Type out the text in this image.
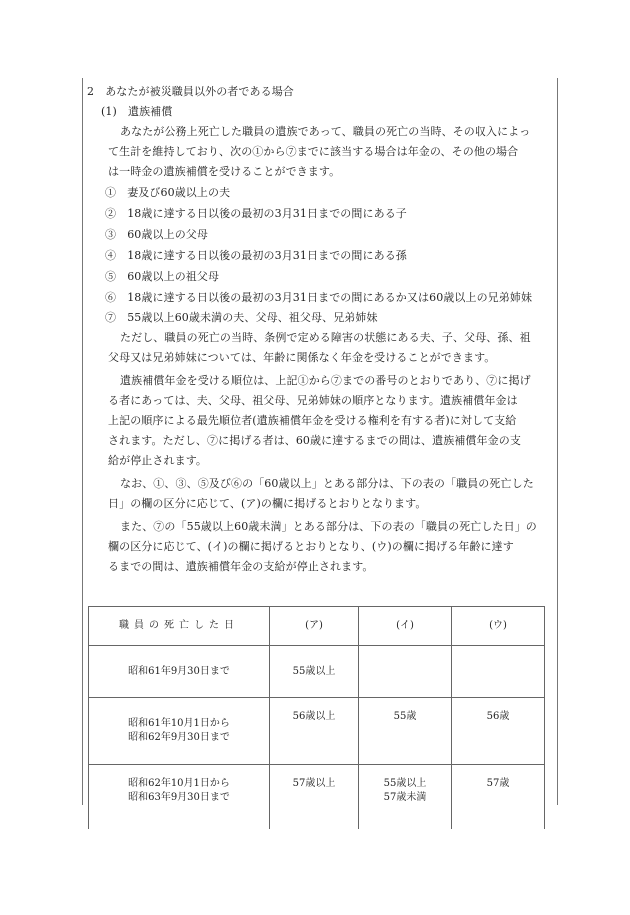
2　あなたが被災職員以外の者である場合
(1)　遺族補償
あなたが公務上死亡した職員の遺族であって、職員の死亡の当時、その収入によっ
て生計を維持しており、次の①から⑦までに該当する場合は年金の、その他の場合
は一時金の遺族補償を受けることができます。
①　妻及び60歳以上の夫
②　18歳に達する日以後の最初の3月31日までの間にある子
③　60歳以上の父母
④　18歳に達する日以後の最初の3月31日までの間にある孫
⑤　60歳以上の祖父母
⑥　18歳に達する日以後の最初の3月31日までの間にあるか又は60歳以上の兄弟姉妹
⑦　55歳以上60歳未満の夫、父母、祖父母、兄弟姉妹
ただし、職員の死亡の当時、条例で定める障害の状態にある夫、子、父母、孫、祖
父母又は兄弟姉妹については、年齢に関係なく年金を受けることができます。
遺族補償年金を受ける順位は、上記①から⑦までの番号のとおりであり、⑦に掲げ
る者にあっては、夫、父母、祖父母、兄弟姉妹の順序となります。遺族補償年金は
上記の順序による最先順位者(遺族補償年金を受ける権利を有する者)に対して支給
されます。ただし、⑦に掲げる者は、60歳に達するまでの間は、遺族補償年金の支
給が停止されます。
なお、①、③、⑤及び⑥の「60歳以上」とある部分は、下の表の「職員の死亡した
日」の欄の区分に応じて、(ア)の欄に掲げるとおりとなります。
また、⑦の「55歳以上60歳未満」とある部分は、下の表の「職員の死亡した日」の
欄の区分に応じて、(イ)の欄に掲げるとおりとなり、(ウ)の欄に掲げる年齢に達す
るまでの間は、遺族補償年金の支給が停止されます。
職員の死亡した日	(ア)	(イ)	(ウ)
昭和61年9月30日まで	55歳以上		
昭和61年10月1日から
昭和62年9月30日まで	56歳以上	55歳	56歳
昭和62年10月1日から
昭和63年9月30日まで	57歳以上	55歳以上
57歳未満	57歳
